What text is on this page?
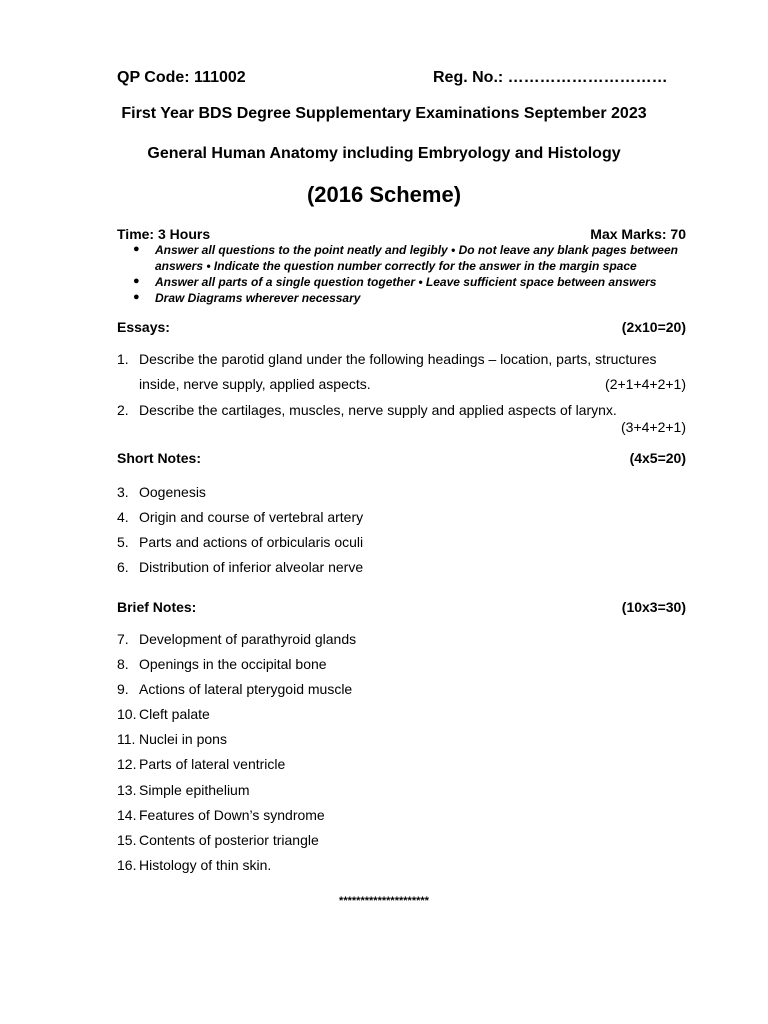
QP Code: 111002	Reg. No.: …………………………
First Year BDS Degree Supplementary Examinations September 2023
General Human Anatomy including Embryology and Histology
(2016 Scheme)
Time: 3 Hours	Max Marks: 70
● Answer all questions to the point neatly and legibly • Do not leave any blank pages between
answers • Indicate the question number correctly for the answer in the margin space
● Answer all parts of a single question together • Leave sufficient space between answers
● Draw Diagrams wherever necessary
Essays:	(2x10=20)
1. Describe the parotid gland under the following headings – location, parts, structures
inside, nerve supply, applied aspects.	(2+1+4+2+1)
2. Describe the cartilages, muscles, nerve supply and applied aspects of larynx.
(3+4+2+1)
Short Notes:	(4x5=20)
3. Oogenesis
4. Origin and course of vertebral artery
5. Parts and actions of orbicularis oculi
6. Distribution of inferior alveolar nerve
Brief Notes:	(10x3=30)
7. Development of parathyroid glands
8. Openings in the occipital bone
9. Actions of lateral pterygoid muscle
10. Cleft palate
11. Nuclei in pons
12. Parts of lateral ventricle
13. Simple epithelium
14. Features of Down’s syndrome
15. Contents of posterior triangle
16. Histology of thin skin.
*********************
